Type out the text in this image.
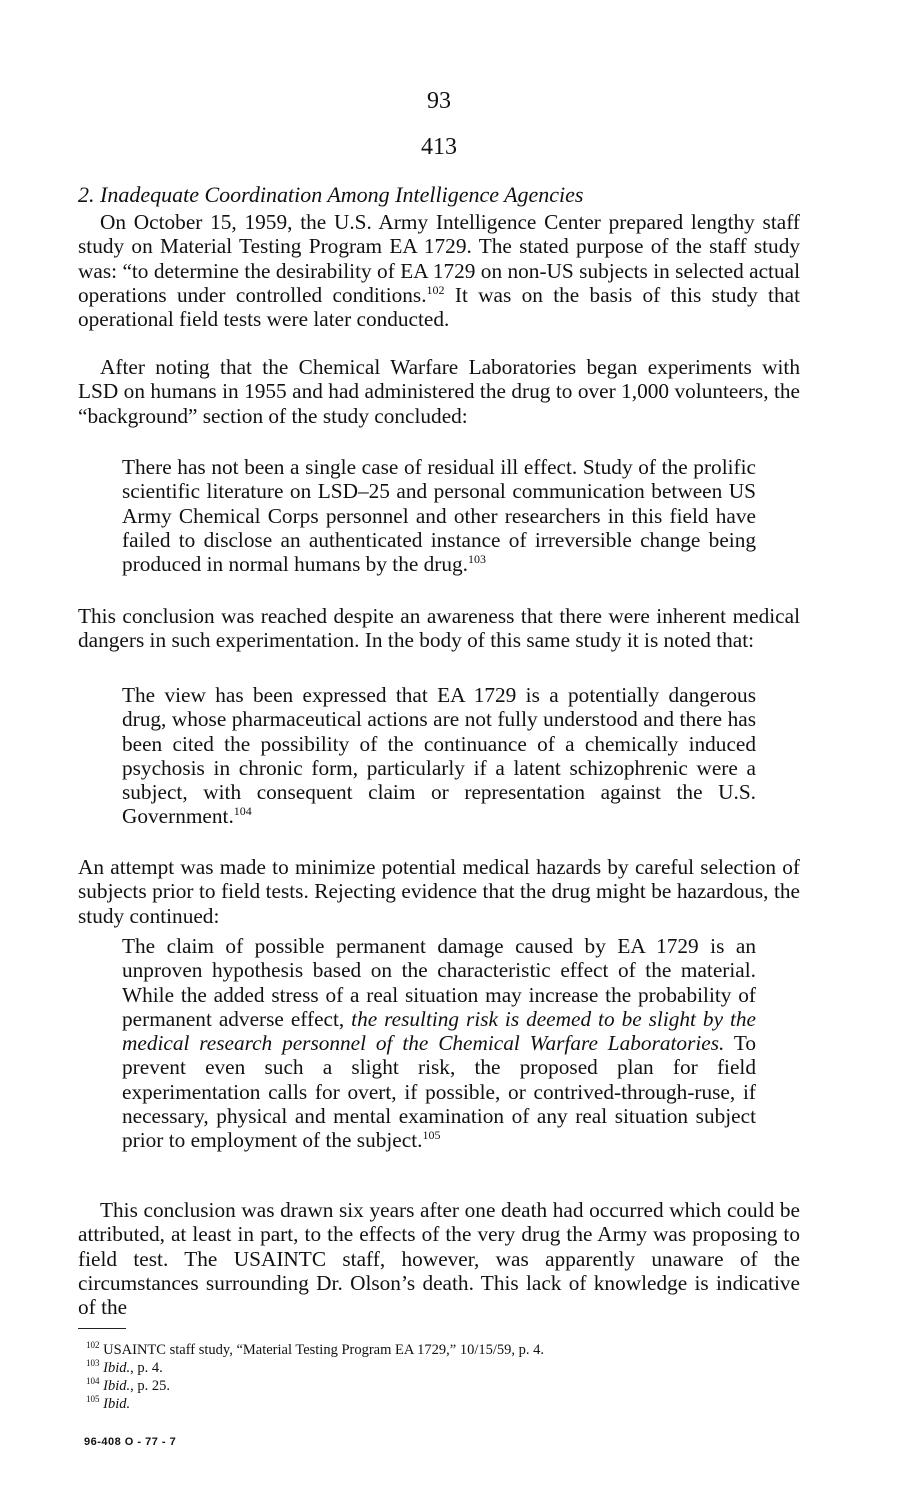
93
413
2. Inadequate Coordination Among Intelligence Agencies

On October 15, 1959, the U.S. Army Intelligence Center prepared lengthy staff study on Material Testing Program EA 1729. The stated purpose of the staff study was: “to determine the desirability of EA 1729 on non-US subjects in selected actual operations under controlled conditions.$^{102}$ It was on the basis of this study that operational field tests were later conducted.

After noting that the Chemical Warfare Laboratories began experiments with LSD on humans in 1955 and had administered the drug to over 1,000 volunteers, the “background” section of the study concluded:

There has not been a single case of residual ill effect. Study of the prolific scientific literature on LSD–25 and personal communication between US Army Chemical Corps personnel and other researchers in this field have failed to disclose an authenticated instance of irreversible change being produced in normal humans by the drug.$^{103}$

This conclusion was reached despite an awareness that there were inherent medical dangers in such experimentation. In the body of this same study it is noted that:

The view has been expressed that EA 1729 is a potentially dangerous drug, whose pharmaceutical actions are not fully understood and there has been cited the possibility of the continuance of a chemically induced psychosis in chronic form, particularly if a latent schizophrenic were a subject, with consequent claim or representation against the U.S. Government.$^{104}$

An attempt was made to minimize potential medical hazards by careful selection of subjects prior to field tests. Rejecting evidence that the drug might be hazardous, the study continued:

The claim of possible permanent damage caused by EA 1729 is an unproven hypothesis based on the characteristic effect of the material. While the added stress of a real situation may increase the probability of permanent adverse effect, the resulting risk is deemed to be slight by the medical research personnel of the Chemical Warfare Laboratories. To prevent even such a slight risk, the proposed plan for field experimentation calls for overt, if possible, or contrived-through-ruse, if necessary, physical and mental examination of any real situation subject prior to employment of the subject.$^{105}$

This conclusion was drawn six years after one death had occurred which could be attributed, at least in part, to the effects of the very drug the Army was proposing to field test. The USAINTC staff, however, was apparently unaware of the circumstances surrounding Dr. Olson’s death. This lack of knowledge is indicative of the

$^{102}$ USAINTC staff study, “Material Testing Program EA 1729,” 10/15/59, p. 4.
$^{103}$ Ibid., p. 4.
$^{104}$ Ibid., p. 25.
$^{105}$ Ibid.
96-408 O - 77 - 7
